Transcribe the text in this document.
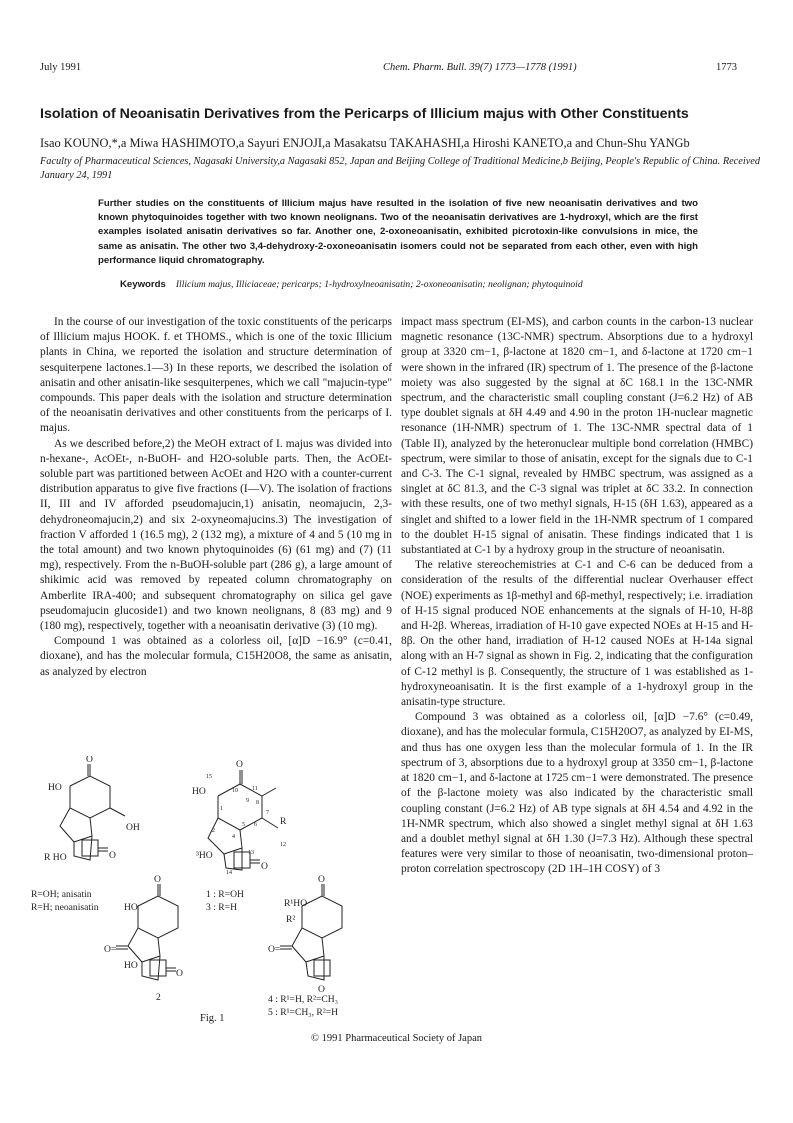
July 1991	Chem. Pharm. Bull. 39(7) 1773—1778 (1991)	1773
Isolation of Neoanisatin Derivatives from the Pericarps of Illicium majus with Other Constituents
Isao KOUNO,*,a Miwa HASHIMOTO,a Sayuri ENJOJI,a Masakatsu TAKAHASHI,a Hiroshi KANETO,a and Chun-Shu YANGb
Faculty of Pharmaceutical Sciences, Nagasaki University,a Nagasaki 852, Japan and Beijing College of Traditional Medicine,b Beijing, People's Republic of China. Received January 24, 1991
Further studies on the constituents of Illicium majus have resulted in the isolation of five new neoanisatin derivatives and two known phytoquinoides together with two known neolignans. Two of the neoanisatin derivatives are 1-hydroxyl, which are the first examples isolated anisatin derivatives so far. Another one, 2-oxoneoanisatin, exhibited picrotoxin-like convulsions in mice, the same as anisatin. The other two 3,4-dehydroxy-2-oxoneoanisatin isomers could not be separated from each other, even with high performance liquid chromatography.
Keywords Illicium majus, Illiciaceae; pericarps; 1-hydroxylneoanisatin; 2-oxoneoanisatin; neolignan; phytoquinoid

In the course of our investigation of the toxic constituents of the pericarps of Illicium majus HOOK. f. et THOMS., which is one of the toxic Illicium plants in China, we reported the isolation and structure determination of sesquiterpene lactones.1—3) In these reports, we described the isolation of anisatin and other anisatin-like sesquiterpenes, which we call "majucin-type" compounds. This paper deals with the isolation and structure determination of the neoanisatin derivatives and other constituents from the pericarps of I. majus.

As we described before,2) the MeOH extract of I. majus was divided into n-hexane-, AcOEt-, n-BuOH- and H2O-soluble parts. Then, the AcOEt-soluble part was partitioned between AcOEt and H2O with a counter-current distribution apparatus to give five fractions (I—V). The isolation of fractions II, III and IV afforded pseudomajucin,1) anisatin, neomajucin, 2,3-dehydroneomajucin,2) and six 2-oxyneomajucins.3) The investigation of fraction V afforded 1 (16.5 mg), 2 (132 mg), a mixture of 4 and 5 (10 mg in the total amount) and two known phytoquinoides (6) (61 mg) and (7) (11 mg), respectively. From the n-BuOH-soluble part (286 g), a large amount of shikimic acid was removed by repeated column chromatography on Amberlite IRA-400; and subsequent chromatography on silica gel gave pseudomajucin glucoside1) and two known neolignans, 8 (83 mg) and 9 (180 mg), respectively, together with a neoanisatin derivative (3) (10 mg).

Compound 1 was obtained as a colorless oil, [α]D −16.9° (c=0.41, dioxane), and has the molecular formula, C15H20O8, the same as anisatin, as analyzed by electron

impact mass spectrum (EI-MS), and carbon counts in the carbon-13 nuclear magnetic resonance (13C-NMR) spectrum. Absorptions due to a hydroxyl group at 3320 cm−1, β-lactone at 1820 cm−1, and δ-lactone at 1720 cm−1 were shown in the infrared (IR) spectrum of 1. The presence of the β-lactone moiety was also suggested by the signal at δC 168.1 in the 13C-NMR spectrum, and the characteristic small coupling constant (J=6.2 Hz) of AB type doublet signals at δH 4.49 and 4.90 in the proton 1H-nuclear magnetic resonance (1H-NMR) spectrum of 1. The 13C-NMR spectral data of 1 (Table II), analyzed by the heteronuclear multiple bond correlation (HMBC) spectrum, were similar to those of anisatin, except for the signals due to C-1 and C-3. The C-1 signal, revealed by HMBC spectrum, was assigned as a singlet at δC 81.3, and the C-3 signal was triplet at δC 33.2. In connection with these results, one of two methyl signals, H-15 (δH 1.63), appeared as a singlet and shifted to a lower field in the 1H-NMR spectrum of 1 compared to the doublet H-15 signal of anisatin. These findings indicated that 1 is substantiated at C-1 by a hydroxy group in the structure of neoanisatin.

The relative stereochemistries at C-1 and C-6 can be deduced from a consideration of the results of the differential nuclear Overhauser effect (NOE) experiments as 1β-methyl and 6β-methyl, respectively; i.e. irradiation of H-15 signal produced NOE enhancements at the signals of H-10, H-8β and H-2β. Whereas, irradiation of H-10 gave expected NOEs at H-15 and H-8β. On the other hand, irradiation of H-12 caused NOEs at H-14a signal along with an H-7 signal as shown in Fig. 2, indicating that the configuration of C-12 methyl is β. Consequently, the structure of 1 was established as 1-hydroxyneoanisatin. It is the first example of a 1-hydroxyl group in the anisatin-type structure.

Compound 3 was obtained as a colorless oil, [α]D −7.6° (c=0.49, dioxane), and has the molecular formula, C15H20O7, as analyzed by EI-MS, and thus has one oxygen less than the molecular formula of 1. In the IR spectrum of 3, absorptions due to a hydroxyl group at 3350 cm−1, β-lactone at 1820 cm−1, and δ-lactone at 1725 cm−1 were demonstrated. The presence of the β-lactone moiety was also indicated by the characteristic small coupling constant (J=6.2 Hz) of AB type signals at δH 4.54 and 4.92 in the 1H-NMR spectrum, which also showed a singlet methyl signal at δH 1.63 and a doublet methyl signal at δH 1.30 (J=7.3 Hz). Although these spectral features were very similar to those of neoanisatin, two-dimensional proton–proton correlation spectroscopy (2D 1H–1H COSY) of 3

HO
O
OH
R HO	O
R=OH; anisatin
R=H; neoanisatin
HO
O
R
³HO
O
15
10 11
12
13
14
1
2
4
5 6
7
8
9
1 : R=OH
3 : R=H
HO
O
O=
HO
O
2
R¹HO
R²
O
O=
O
4 : R¹=H, R²=CH₃
5 : R¹=CH₃, R²=H
Fig. 1
© 1991 Pharmaceutical Society of Japan
